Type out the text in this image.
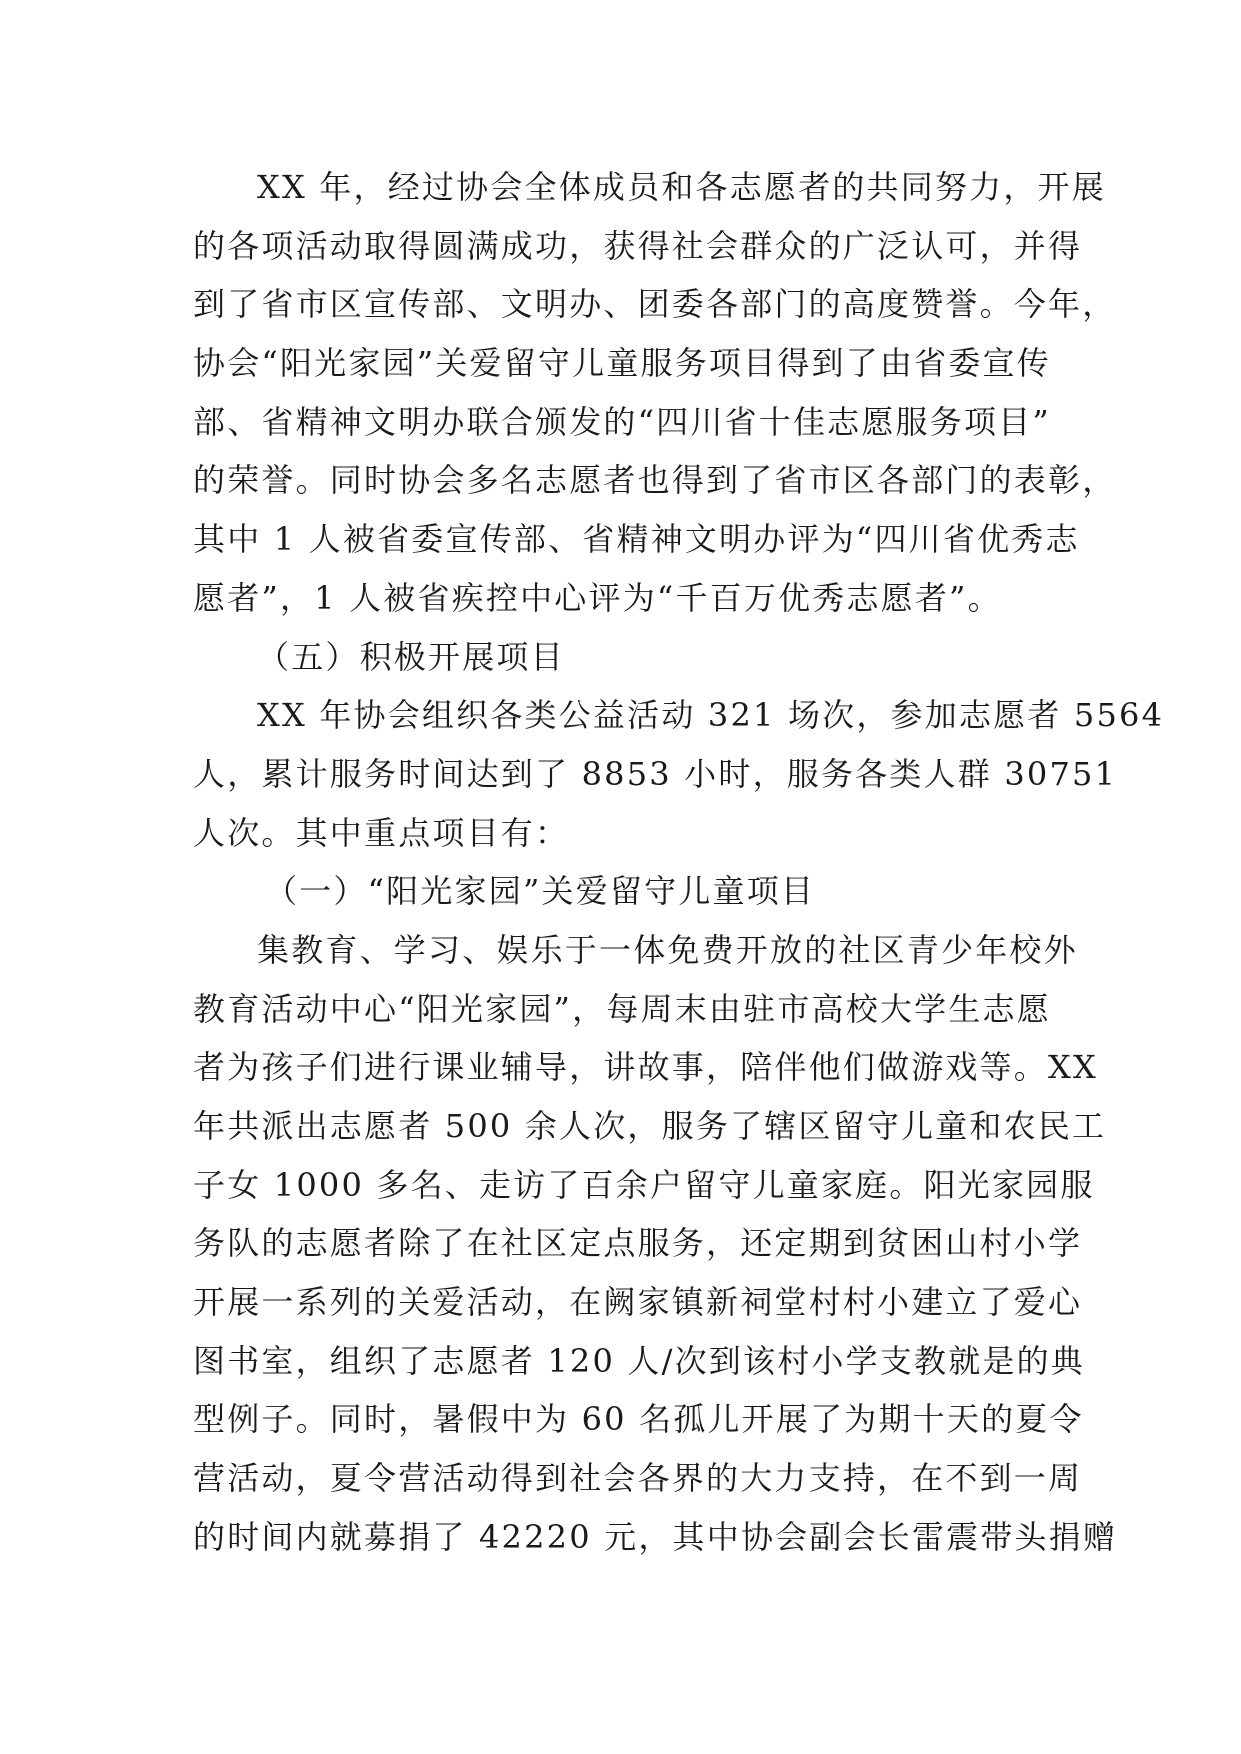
XX 年，经过协会全体成员和各志愿者的共同努力，开展
的各项活动取得圆满成功，获得社会群众的广泛认可，并得
到了省市区宣传部、文明办、团委各部门的高度赞誉。今年，
协会“阳光家园”关爱留守儿童服务项目得到了由省委宣传
部、省精神文明办联合颁发的“四川省十佳志愿服务项目”
的荣誉。同时协会多名志愿者也得到了省市区各部门的表彰，
其中 1 人被省委宣传部、省精神文明办评为“四川省优秀志
愿者”，1 人被省疾控中心评为“千百万优秀志愿者”。
（五）积极开展项目
XX 年协会组织各类公益活动 321 场次，参加志愿者 5564
人，累计服务时间达到了 8853 小时，服务各类人群 30751
人次。其中重点项目有：
（一）“阳光家园”关爱留守儿童项目
集教育、学习、娱乐于一体免费开放的社区青少年校外
教育活动中心“阳光家园”，每周末由驻市高校大学生志愿
者为孩子们进行课业辅导，讲故事，陪伴他们做游戏等。XX
年共派出志愿者 500 余人次，服务了辖区留守儿童和农民工
子女 1000 多名、走访了百余户留守儿童家庭。阳光家园服
务队的志愿者除了在社区定点服务，还定期到贫困山村小学
开展一系列的关爱活动，在阙家镇新祠堂村村小建立了爱心
图书室，组织了志愿者 120 人/次到该村小学支教就是的典
型例子。同时，暑假中为 60 名孤儿开展了为期十天的夏令
营活动，夏令营活动得到社会各界的大力支持，在不到一周
的时间内就募捐了 42220 元，其中协会副会长雷震带头捐赠
